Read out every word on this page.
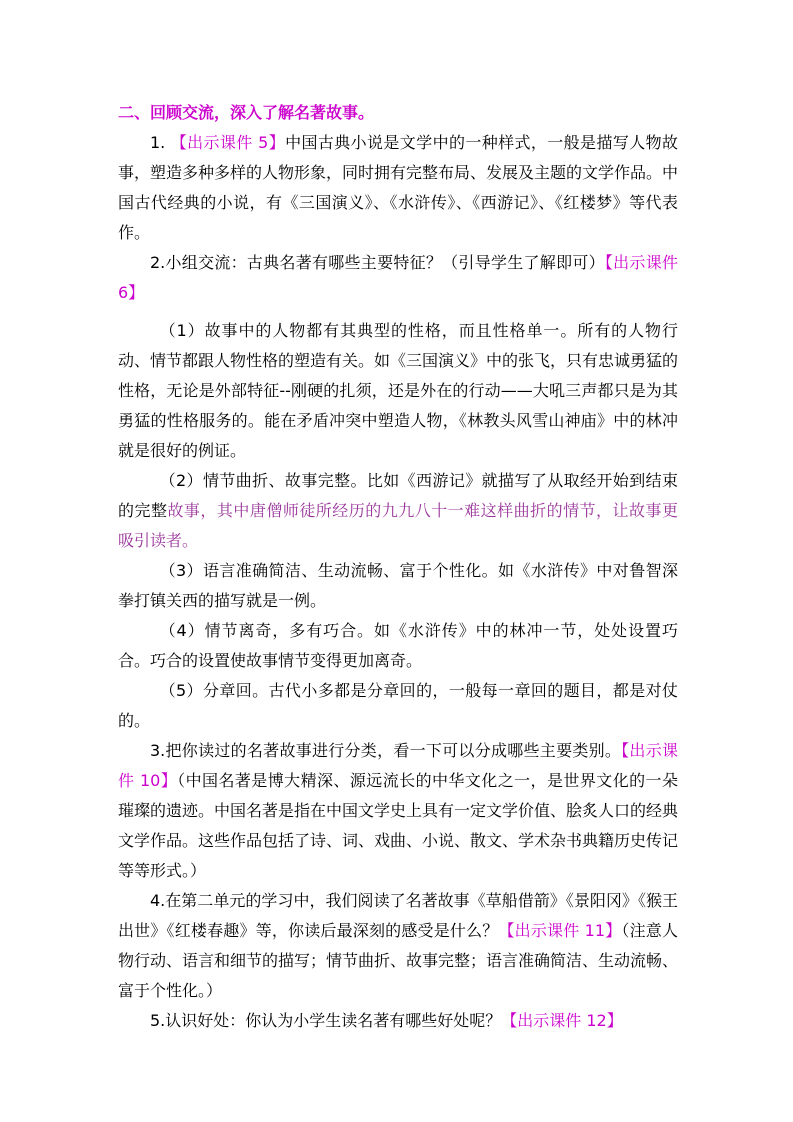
二、回顾交流，深入了解名著故事。

1. 【出示课件 5】中国古典小说是文学中的一种样式，一般是描写人物故事，塑造多种多样的人物形象，同时拥有完整布局、发展及主题的文学作品。中国古代经典的小说，有《三国演义》、《水浒传》、《西游记》、《红楼梦》等代表作。

2.小组交流：古典名著有哪些主要特征？（引导学生了解即可）【出示课件 6】

（1）故事中的人物都有其典型的性格，而且性格单一。所有的人物行动、情节都跟人物性格的塑造有关。如《三国演义》中的张飞，只有忠诚勇猛的性格，无论是外部特征--刚硬的扎须，还是外在的行动——大吼三声都只是为其勇猛的性格服务的。能在矛盾冲突中塑造人物，《林教头风雪山神庙》中的林冲就是很好的例证。

（2）情节曲折、故事完整。比如《西游记》就描写了从取经开始到结束的完整故事，其中唐僧师徒所经历的九九八十一难这样曲折的情节，让故事更吸引读者。

（3）语言准确简洁、生动流畅、富于个性化。如《水浒传》中对鲁智深拳打镇关西的描写就是一例。

（4）情节离奇，多有巧合。如《水浒传》中的林冲一节，处处设置巧合。巧合的设置使故事情节变得更加离奇。

（5）分章回。古代小多都是分章回的，一般每一章回的题目，都是对仗的。

3.把你读过的名著故事进行分类，看一下可以分成哪些主要类别。【出示课件 10】（中国名著是博大精深、源远流长的中华文化之一，是世界文化的一朵璀璨的遗迹。中国名著是指在中国文学史上具有一定文学价值、脍炙人口的经典文学作品。这些作品包括了诗、词、戏曲、小说、散文、学术杂书典籍历史传记等等形式。）

4.在第二单元的学习中，我们阅读了名著故事《草船借箭》《景阳冈》《猴王出世》《红楼春趣》等，你读后最深刻的感受是什么？【出示课件 11】（注意人物行动、语言和细节的描写；情节曲折、故事完整；语言准确简洁、生动流畅、富于个性化。）

5.认识好处：你认为小学生读名著有哪些好处呢？【出示课件 12】
